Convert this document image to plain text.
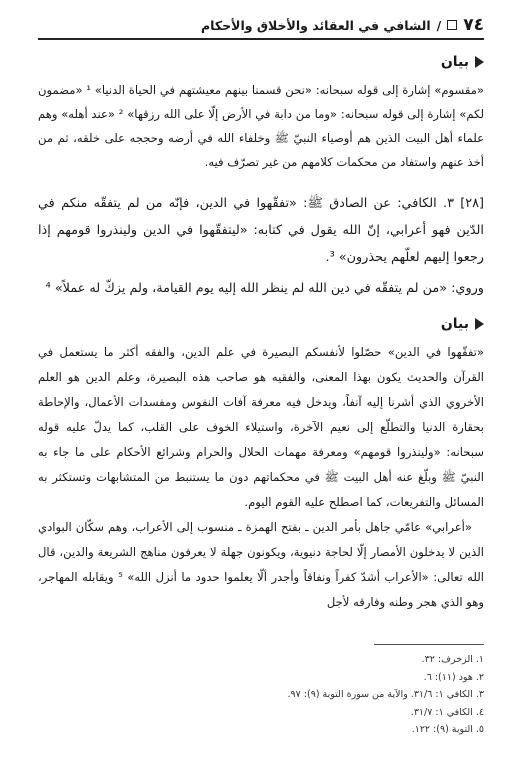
٧٤
/
الشافي في العقائد والأخلاق والأحكام
بيان

«مقسوم» إشارة إلى قوله سبحانه: «نحن قسمنا بينهم معيشتهم في الحياة الدنيا» ¹ «مضمون لكم» إشارة إلى قوله سبحانه: «وما من دابة في الأرض إلّا على الله رزقها» ² «عند أهله» وهم علماء أهل البيت الذين هم أوصياء النبيّ ﷺ وخلفاء الله في أرضه وحججه على خلقه، ثم من أخذ عنهم واستفاد من محكمات كلامهم من غير تصرّف فيه.

[٢٨] ٣. الكافي: عن الصادق ﷺ: «تفقّهوا في الدين، فإنّه من لم يتفقّه منكم في الدّين فهو أعرابي، إنّ الله يقول في كتابه: «ليتفقّهوا في الدين ولينذروا قومهم إذا رجعوا إليهم لعلّهم يحذرون» ³.

وروي: «من لم يتفقّه في دين الله لم ينظر الله إليه يوم القيامة، ولم يزكّ له عملاً» ⁴

بيان

«تفقّهوا في الدين» حصّلوا لأنفسكم البصيرة في علم الدين، والفقه أكثر ما يستعمل في القرآن والحديث يكون بهذا المعنى، والفقيه هو صاحب هذه البصيرة، وعلم الدين هو العلم الأخروي الذي أشرنا إليه آنفاً، ويدخل فيه معرفة آفات النفوس ومفسدات الأعمال، والإحاطة بحقارة الدنيا والتطلّع إلى نعيم الآخرة، واستيلاء الخوف على القلب، كما يدلّ عليه قوله سبحانه: «ولينذروا قومهم» ومعرفة مهمات الحلال والحرام وشرائع الأحكام على ما جاء به النبيّ ﷺ وبلّغ عنه أهل البيت ﷺ في محكماتهم دون ما يستنبط من المتشابهات وتستكثر به المسائل والتفريعات، كما اصطلح عليه القوم اليوم.

«أعرابي» عامّي جاهل بأمر الدين ـ بفتح الهمزة ـ منسوب إلى الأعراب، وهم سكّان البوادي الذين لا يدخلون الأمصار إلّا لحاجة دنيوية، ويكونون جهلة لا يعرفون مناهج الشريعة والدين، قال الله تعالى: «الأعراب أشدّ كفراً ونفاقاً وأجدر ألّا يعلموا حدود ما أنزل الله» ⁵ ويقابله المهاجر، وهو الذي هجر وطنه وفارقه لأجل

١. الزخرف: ٣٢.
٢. هود (١١): ٦.
٣. الكافي ١: ٣١/٦. والآية من سورة التوبة (٩): ٩٧.
٤. الكافي ١: ٣١/٧.
٥. التوبة (٩): ١٢٢.
